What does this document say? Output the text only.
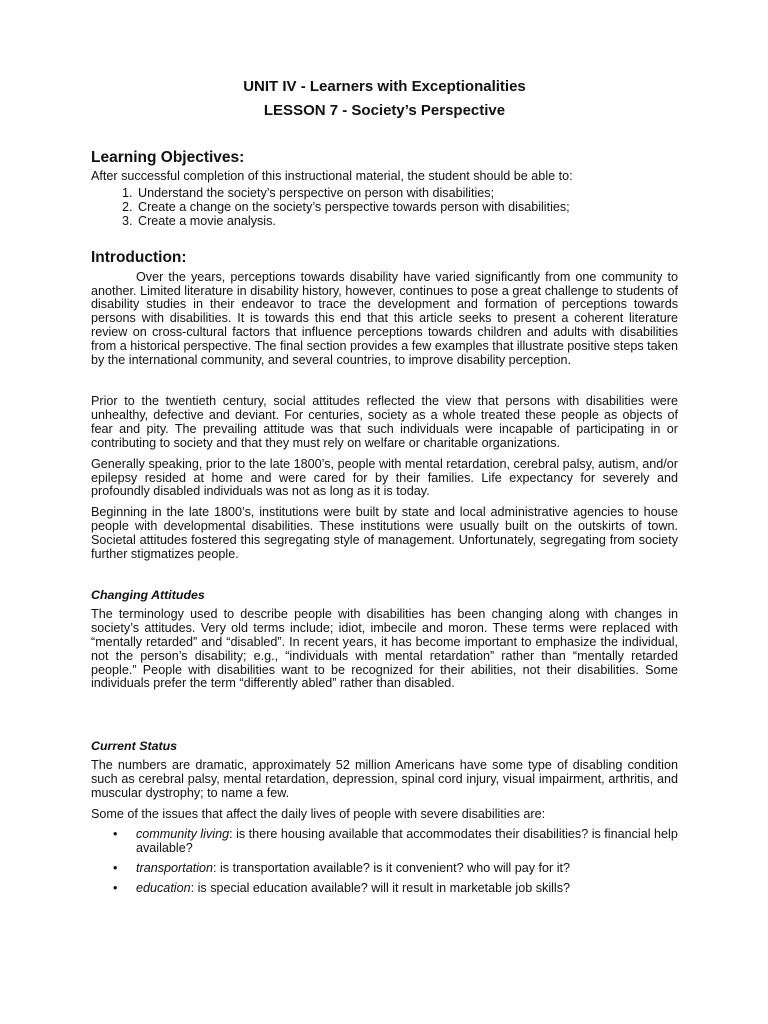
UNIT IV - Learners with Exceptionalities
LESSON 7 - Society’s Perspective
Learning Objectives:

After successful completion of this instructional material, the student should be able to:

1. Understand the society’s perspective on person with disabilities;
2. Create a change on the society’s perspective towards person with disabilities;
3. Create a movie analysis.
Introduction:

Over the years, perceptions towards disability have varied significantly from one community to another. Limited literature in disability history, however, continues to pose a great challenge to students of disability studies in their endeavor to trace the development and formation of perceptions towards persons with disabilities. It is towards this end that this article seeks to present a coherent literature review on cross-cultural factors that influence perceptions towards children and adults with disabilities from a historical perspective. The final section provides a few examples that illustrate positive steps taken by the international community, and several countries, to improve disability perception.

Prior to the twentieth century, social attitudes reflected the view that persons with disabilities were unhealthy, defective and deviant. For centuries, society as a whole treated these people as objects of fear and pity. The prevailing attitude was that such individuals were incapable of participating in or contributing to society and that they must rely on welfare or charitable organizations.

Generally speaking, prior to the late 1800’s, people with mental retardation, cerebral palsy, autism, and/or epilepsy resided at home and were cared for by their families. Life expectancy for severely and profoundly disabled individuals was not as long as it is today.

Beginning in the late 1800’s, institutions were built by state and local administrative agencies to house people with developmental disabilities. These institutions were usually built on the outskirts of town. Societal attitudes fostered this segregating style of management. Unfortunately, segregating from society further stigmatizes people.

Changing Attitudes

The terminology used to describe people with disabilities has been changing along with changes in society’s attitudes. Very old terms include; idiot, imbecile and moron. These terms were replaced with “mentally retarded” and “disabled”. In recent years, it has become important to emphasize the individual, not the person’s disability; e.g., “individuals with mental retardation” rather than “mentally retarded people.” People with disabilities want to be recognized for their abilities, not their disabilities. Some individuals prefer the term “differently abled” rather than disabled.

Current Status

The numbers are dramatic, approximately 52 million Americans have some type of disabling condition such as cerebral palsy, mental retardation, depression, spinal cord injury, visual impairment, arthritis, and muscular dystrophy; to name a few.

Some of the issues that affect the daily lives of people with severe disabilities are:

• community living: is there housing available that accommodates their disabilities? is financial help available?
• transportation: is transportation available? is it convenient? who will pay for it?
• education: is special education available? will it result in marketable job skills?
